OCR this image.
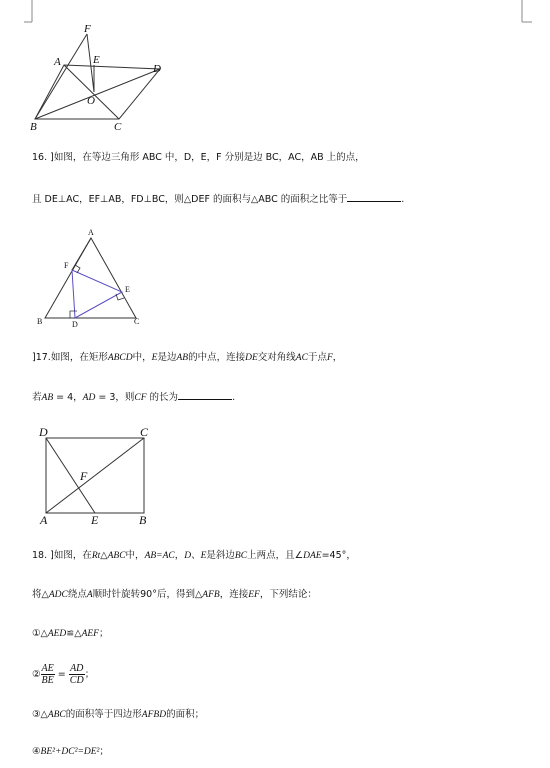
F
A	E
D
O
B	C
16. ]如图，在等边三角形 ABC 中，D，E，F 分别是边 BC，AC，AB 上的点，
且 DE⊥AC，EF⊥AB，FD⊥BC，则△DEF 的面积与△ABC 的面积之比等于	.
A
F
E
B	D	C
]17.如图，在矩形ABCD中，E是边AB的中点，连接DE交对角线AC于点F，
若AB = 4，AD = 3，则CF 的长为	.
D	C
F
A	E	B
18. ]如图，在Rt△ABC中，AB=AC，D、E是斜边BC上两点，且∠DAE=45°，
将△ADC绕点A顺时针旋转90°后，得到△AFB，连接EF，下列结论：
①△AED≌△AEF；
② $\frac{AE}{BE} = \frac{AD}{CD}$ ；
③△ABC的面积等于四边形AFBD的面积；
④BE²+DC²=DE²；
